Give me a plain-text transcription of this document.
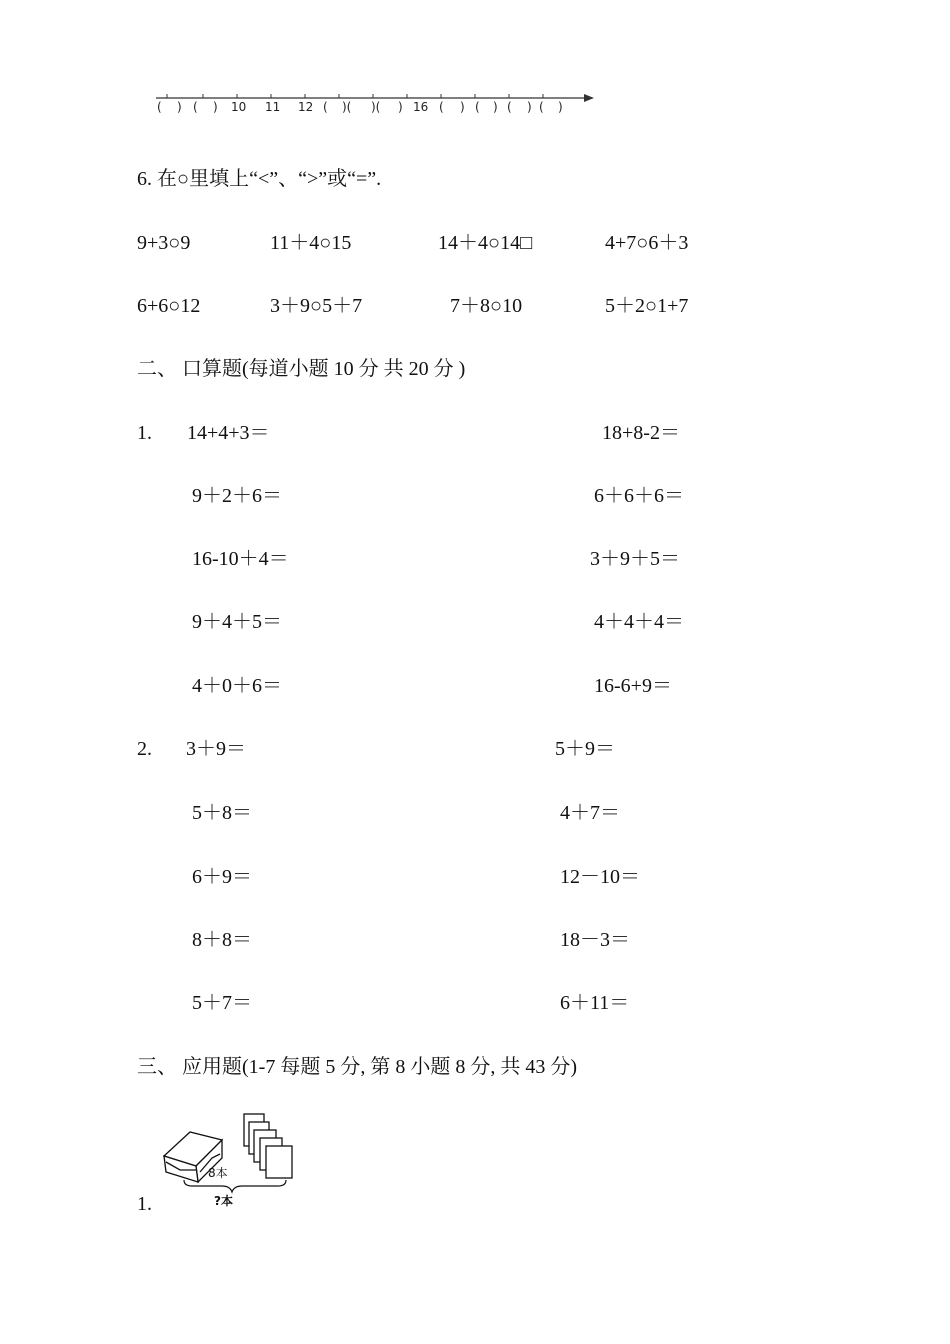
( ) ( ) 10 11 12 ( )( )( ) 16 ( ) ( ) ( ) ( )
6. 在○里填上“<”、“>”或“=”.
9+3○9	11＋4○15	14＋4○14□	4+7○6＋3
6+6○12	3＋9○5＋7	7＋8○10	5＋2○1+7
二、 口算题(每道小题 10 分 共 20 分 )
1. 14+4+3＝	18+8-2＝
9＋2＋6＝	6＋6＋6＝
16-10＋4＝	3＋9＋5＝
9＋4＋5＝	4＋4＋4＝
4＋0＋6＝	16-6+9＝
2. 3＋9＝	5＋9＝
5＋8＝	4＋7＝
6＋9＝	12－10＝
8＋8＝	18－3＝
5＋7＝	6＋11＝
三、 应用题(1-7 每题 5 分, 第 8 小题 8 分, 共 43 分)
1.
8本
?本
